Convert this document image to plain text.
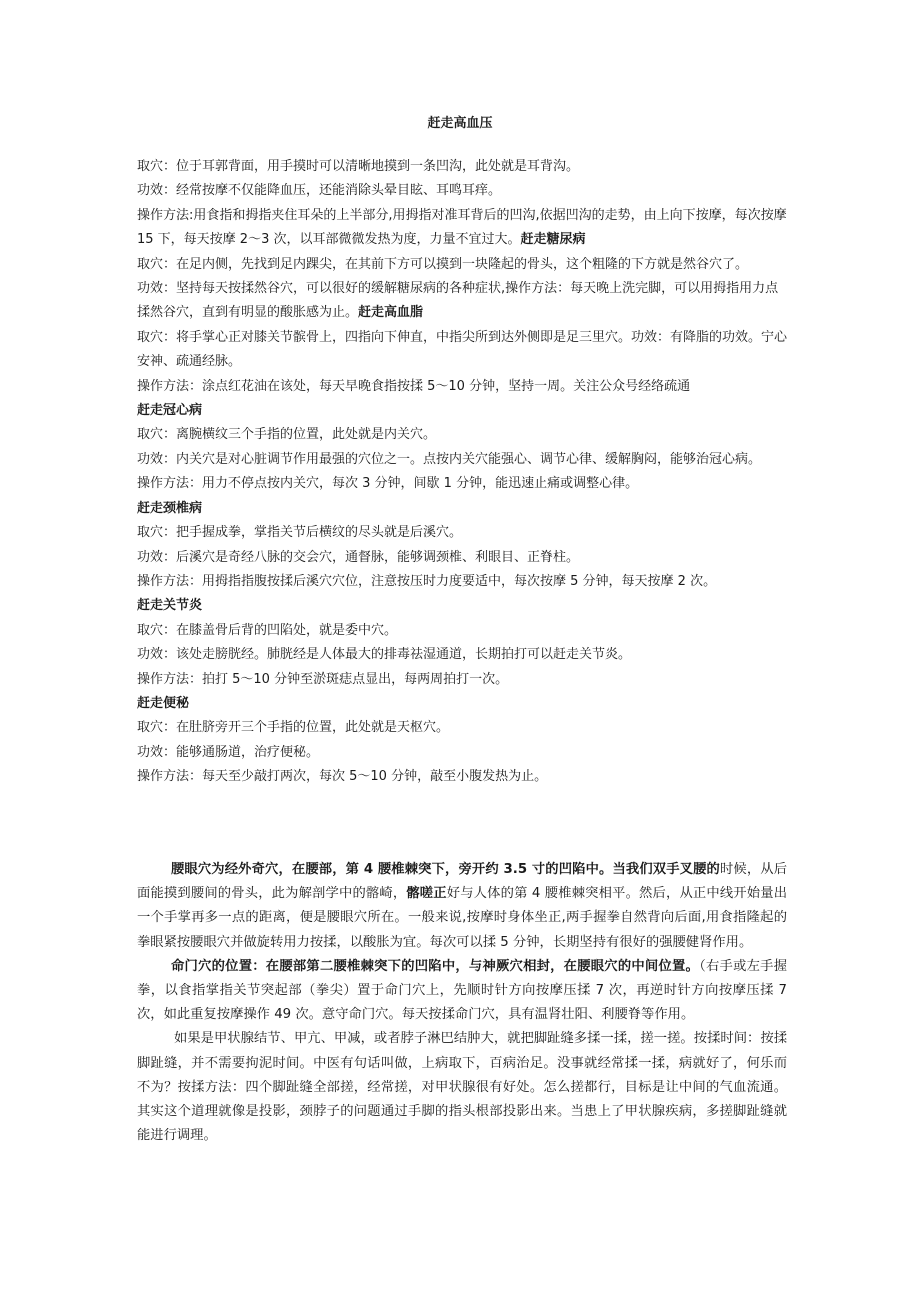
赶走高血压

取穴：位于耳郭背面，用手摸时可以清晰地摸到一条凹沟，此处就是耳背沟。

功效：经常按摩不仅能降血压，还能消除头晕目眩、耳鸣耳痒。

操作方法:用食指和拇指夹住耳朵的上半部分,用拇指对准耳背后的凹沟,依据凹沟的走势，由上向下按摩，每次按摩 15 下，每天按摩 2～3 次，以耳部微微发热为度，力量不宜过大。赶走糖尿病

取穴：在足内侧，先找到足内踝尖，在其前下方可以摸到一块隆起的骨头，这个粗隆的下方就是然谷穴了。

功效：坚持每天按揉然谷穴，可以很好的缓解糖尿病的各种症状,操作方法：每天晚上洗完脚，可以用拇指用力点揉然谷穴，直到有明显的酸胀感为止。赶走高血脂

取穴：将手掌心正对膝关节髌骨上，四指向下伸直，中指尖所到达外侧即是足三里穴。功效：有降脂的功效。宁心安神、疏通经脉。

操作方法：涂点红花油在该处，每天早晚食指按揉 5～10 分钟，坚持一周。关注公众号经络疏通

赶走冠心病

取穴：离腕横纹三个手指的位置，此处就是内关穴。

功效：内关穴是对心脏调节作用最强的穴位之一。点按内关穴能强心、调节心律、缓解胸闷，能够治冠心病。

操作方法：用力不停点按内关穴，每次 3 分钟，间歇 1 分钟，能迅速止痛或调整心律。

赶走颈椎病

取穴：把手握成拳，掌指关节后横纹的尽头就是后溪穴。

功效：后溪穴是奇经八脉的交会穴，通督脉，能够调颈椎、利眼目、正脊柱。

操作方法：用拇指指腹按揉后溪穴穴位，注意按压时力度要适中，每次按摩 5 分钟，每天按摩 2 次。

赶走关节炎

取穴：在膝盖骨后背的凹陷处，就是委中穴。

功效：该处走膀胱经。肺胱经是人体最大的排毒祛湿通道，长期拍打可以赶走关节炎。

操作方法：拍打 5～10 分钟至淤斑痣点显出，每两周拍打一次。

赶走便秘

取穴：在肚脐旁开三个手指的位置，此处就是天枢穴。

功效：能够通肠道，治疗便秘。

操作方法：每天至少敲打两次，每次 5～10 分钟，敲至小腹发热为止。

腰眼穴为经外奇穴，在腰部，第 4 腰椎棘突下，旁开约 3.5 寸的凹陷中。当我们双手叉腰的时候，从后面能摸到腰间的骨头，此为解剖学中的髂崎，髂嗟正好与人体的第 4 腰椎棘突相平。然后，从正中线开始量出一个手掌再多一点的距离，便是腰眼穴所在。一般来说,按摩时身体坐正,两手握拳自然背向后面,用食指隆起的拳眼紧按腰眼穴并做旋转用力按揉，以酸胀为宜。每次可以揉 5 分钟，长期坚持有很好的强腰健肾作用。

命门穴的位置：在腰部第二腰椎棘突下的凹陷中，与神厥穴相封，在腰眼穴的中间位置。（右手或左手握拳，以食指掌指关节突起部（拳尖）置于命门穴上，先顺时针方向按摩压揉 7 次，再逆时针方向按摩压揉 7 次，如此重复按摩操作 49 次。意守命门穴。每天按揉命门穴，具有温肾壮阳、利腰脊等作用。

如果是甲状腺结节、甲亢、甲减，或者脖子淋巴结肿大，就把脚趾缝多揉一揉，搓一搓。按揉时间：按揉脚趾缝，并不需要拘泥时间。中医有句话叫做，上病取下，百病治足。没事就经常揉一揉，病就好了，何乐而不为？按揉方法：四个脚趾缝全部搓，经常搓，对甲状腺很有好处。怎么搓都行，目标是让中间的气血流通。其实这个道理就像是投影，颈脖子的问题通过手脚的指头根部投影出来。当患上了甲状腺疾病，多搓脚趾缝就能进行调理。
